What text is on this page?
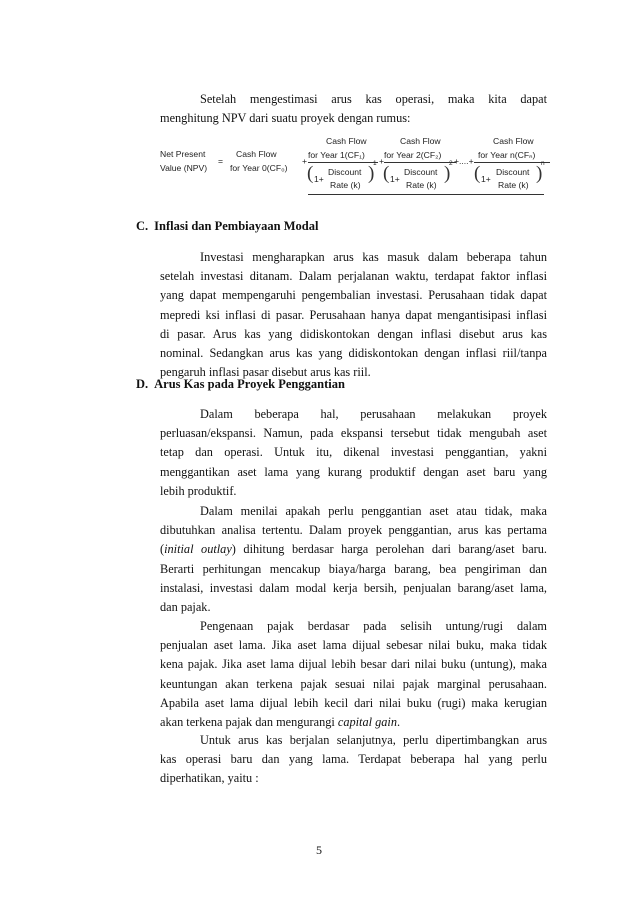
Setelah mengestimasi arus kas operasi, maka kita dapat
menghitung NPV dari suatu proyek dengan rumus:
Net Present
Value (NPV)
=
Cash Flow
for Year 0(CF₀)
+
Cash Flow
for Year 1(CF₁)
( 1+
Discount
Rate (k)
)
1 +
Cash Flow
for Year 2(CF₂)
( 1+
Discount
Rate (k)
)
2 +....+
Cash Flow
for Year n(CFₙ)
( 1+
Discount
Rate (k)
)
n
C. Inflasi dan Pembiayaan Modal
Investasi mengharapkan arus kas masuk dalam beberapa tahun
setelah investasi ditanam. Dalam perjalanan waktu, terdapat faktor inflasi
yang dapat mempengaruhi pengembalian investasi. Perusahaan tidak dapat
mepredi ksi inflasi di pasar. Perusahaan hanya dapat mengantisipasi inflasi
di pasar. Arus kas yang didiskontokan dengan inflasi disebut arus kas
nominal. Sedangkan arus kas yang didiskontokan dengan inflasi riil/tanpa
pengaruh inflasi pasar disebut arus kas riil.
D. Arus Kas pada Proyek Penggantian
Dalam beberapa hal, perusahaan melakukan proyek
perluasan/ekspansi. Namun, pada ekspansi tersebut tidak mengubah aset
tetap dan operasi. Untuk itu, dikenal investasi penggantian, yakni
menggantikan aset lama yang kurang produktif dengan aset baru yang
lebih produktif.
Dalam menilai apakah perlu penggantian aset atau tidak, maka
dibutuhkan analisa tertentu. Dalam proyek penggantian, arus kas pertama
(initial outlay) dihitung berdasar harga perolehan dari barang/aset baru.
Berarti perhitungan mencakup biaya/harga barang, bea pengiriman dan
instalasi, investasi dalam modal kerja bersih, penjualan barang/aset lama,
dan pajak.
Pengenaan pajak berdasar pada selisih untung/rugi dalam
penjualan aset lama. Jika aset lama dijual sebesar nilai buku, maka tidak
kena pajak. Jika aset lama dijual lebih besar dari nilai buku (untung), maka
keuntungan akan terkena pajak sesuai nilai pajak marginal perusahaan.
Apabila aset lama dijual lebih kecil dari nilai buku (rugi) maka kerugian
akan terkena pajak dan mengurangi capital gain.
Untuk arus kas berjalan selanjutnya, perlu dipertimbangkan arus
kas operasi baru dan yang lama. Terdapat beberapa hal yang perlu
diperhatikan, yaitu :
5
